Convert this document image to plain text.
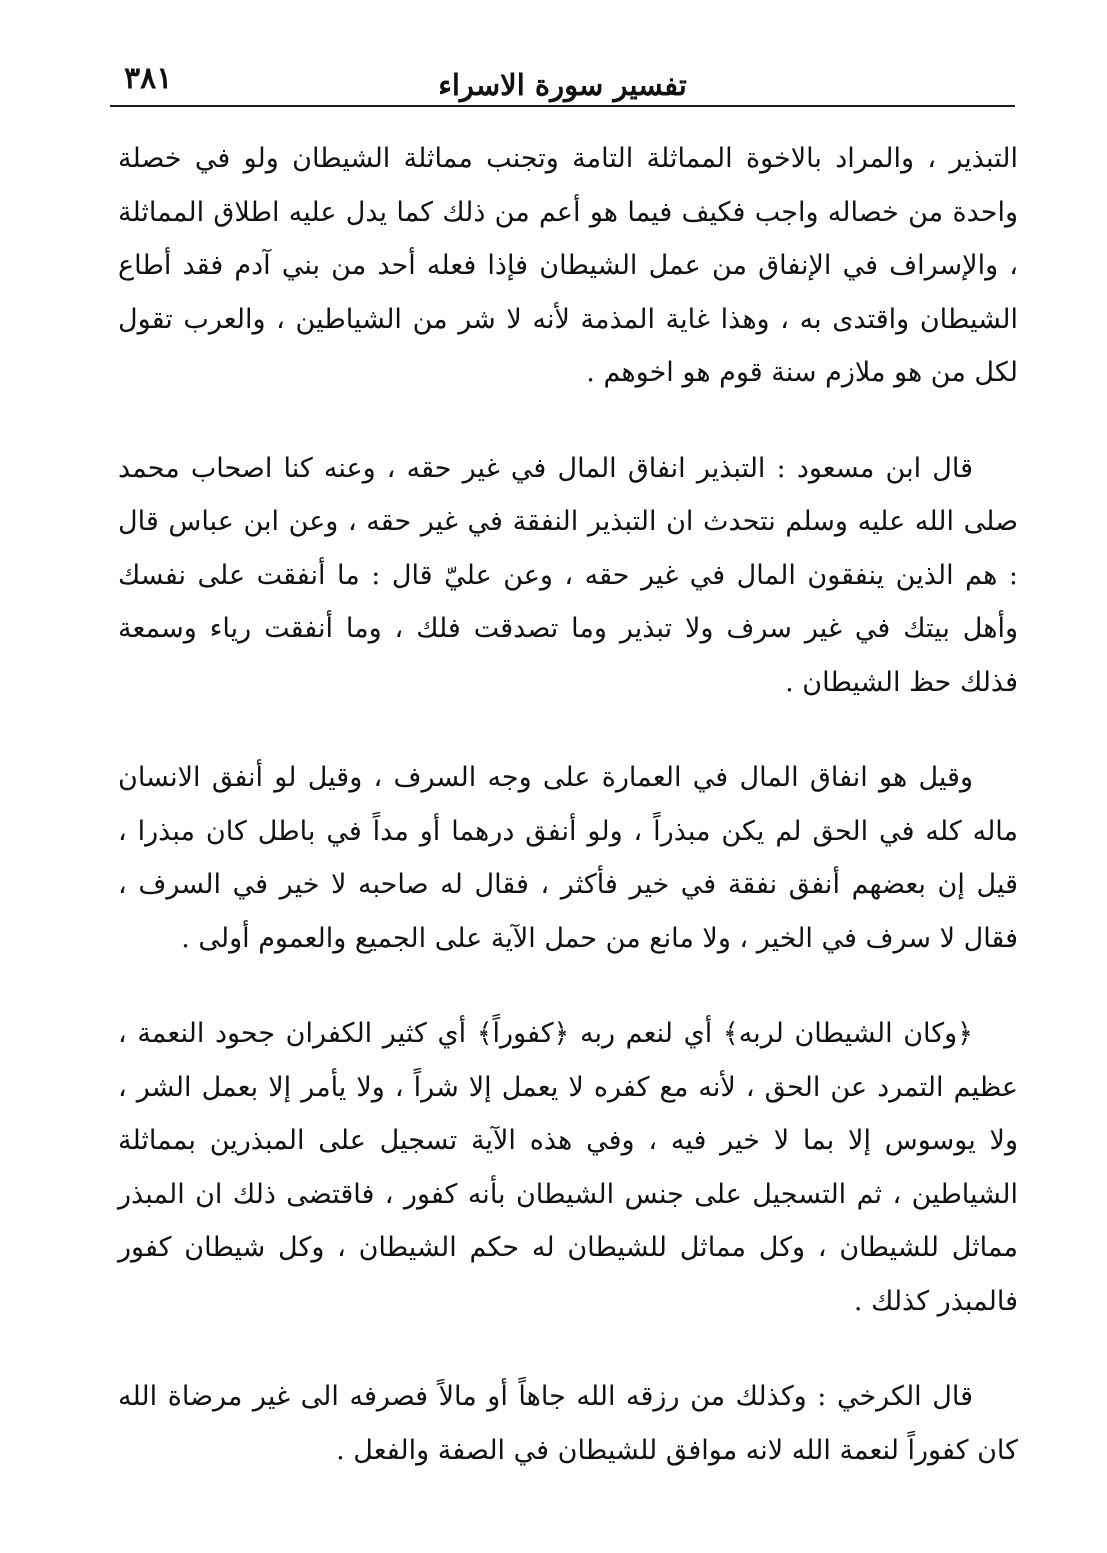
تفسير سورة الاسراء
٣٨١

التبذير ، والمراد بالاخوة المماثلة التامة وتجنب مماثلة الشيطان ولو في خصلة واحدة من خصاله واجب فكيف فيما هو أعم من ذلك كما يدل عليه اطلاق المماثلة ، والإسراف في الإنفاق من عمل الشيطان فإذا فعله أحد من بني آدم فقد أطاع الشيطان واقتدى به ، وهذا غاية المذمة لأنه لا شر من الشياطين ، والعرب تقول لكل من هو ملازم سنة قوم هو اخوهم .

قال ابن مسعود : التبذير انفاق المال في غير حقه ، وعنه كنا اصحاب محمد صلى الله عليه وسلم نتحدث ان التبذير النفقة في غير حقه ، وعن ابن عباس قال : هم الذين ينفقون المال في غير حقه ، وعن عليّ قال : ما أنفقت على نفسك وأهل بيتك في غير سرف ولا تبذير وما تصدقت فلك ، وما أنفقت رياء وسمعة فذلك حظ الشيطان .

وقيل هو انفاق المال في العمارة على وجه السرف ، وقيل لو أنفق الانسان ماله كله في الحق لم يكن مبذراً ، ولو أنفق درهما أو مداً في باطل كان مبذرا ، قيل إن بعضهم أنفق نفقة في خير فأكثر ، فقال له صاحبه لا خير في السرف ، فقال لا سرف في الخير ، ولا مانع من حمل الآية على الجميع والعموم أولى .

﴿وكان الشيطان لربه﴾ أي لنعم ربه ﴿كفوراً﴾ أي كثير الكفران جحود النعمة ، عظيم التمرد عن الحق ، لأنه مع كفره لا يعمل إلا شراً ، ولا يأمر إلا بعمل الشر ، ولا يوسوس إلا بما لا خير فيه ، وفي هذه الآية تسجيل على المبذرين بمماثلة الشياطين ، ثم التسجيل على جنس الشيطان بأنه كفور ، فاقتضى ذلك ان المبذر مماثل للشيطان ، وكل مماثل للشيطان له حكم الشيطان ، وكل شيطان كفور فالمبذر كذلك .

قال الكرخي : وكذلك من رزقه الله جاهاً أو مالاً فصرفه الى غير مرضاة الله كان كفوراً لنعمة الله لانه موافق للشيطان في الصفة والفعل .
